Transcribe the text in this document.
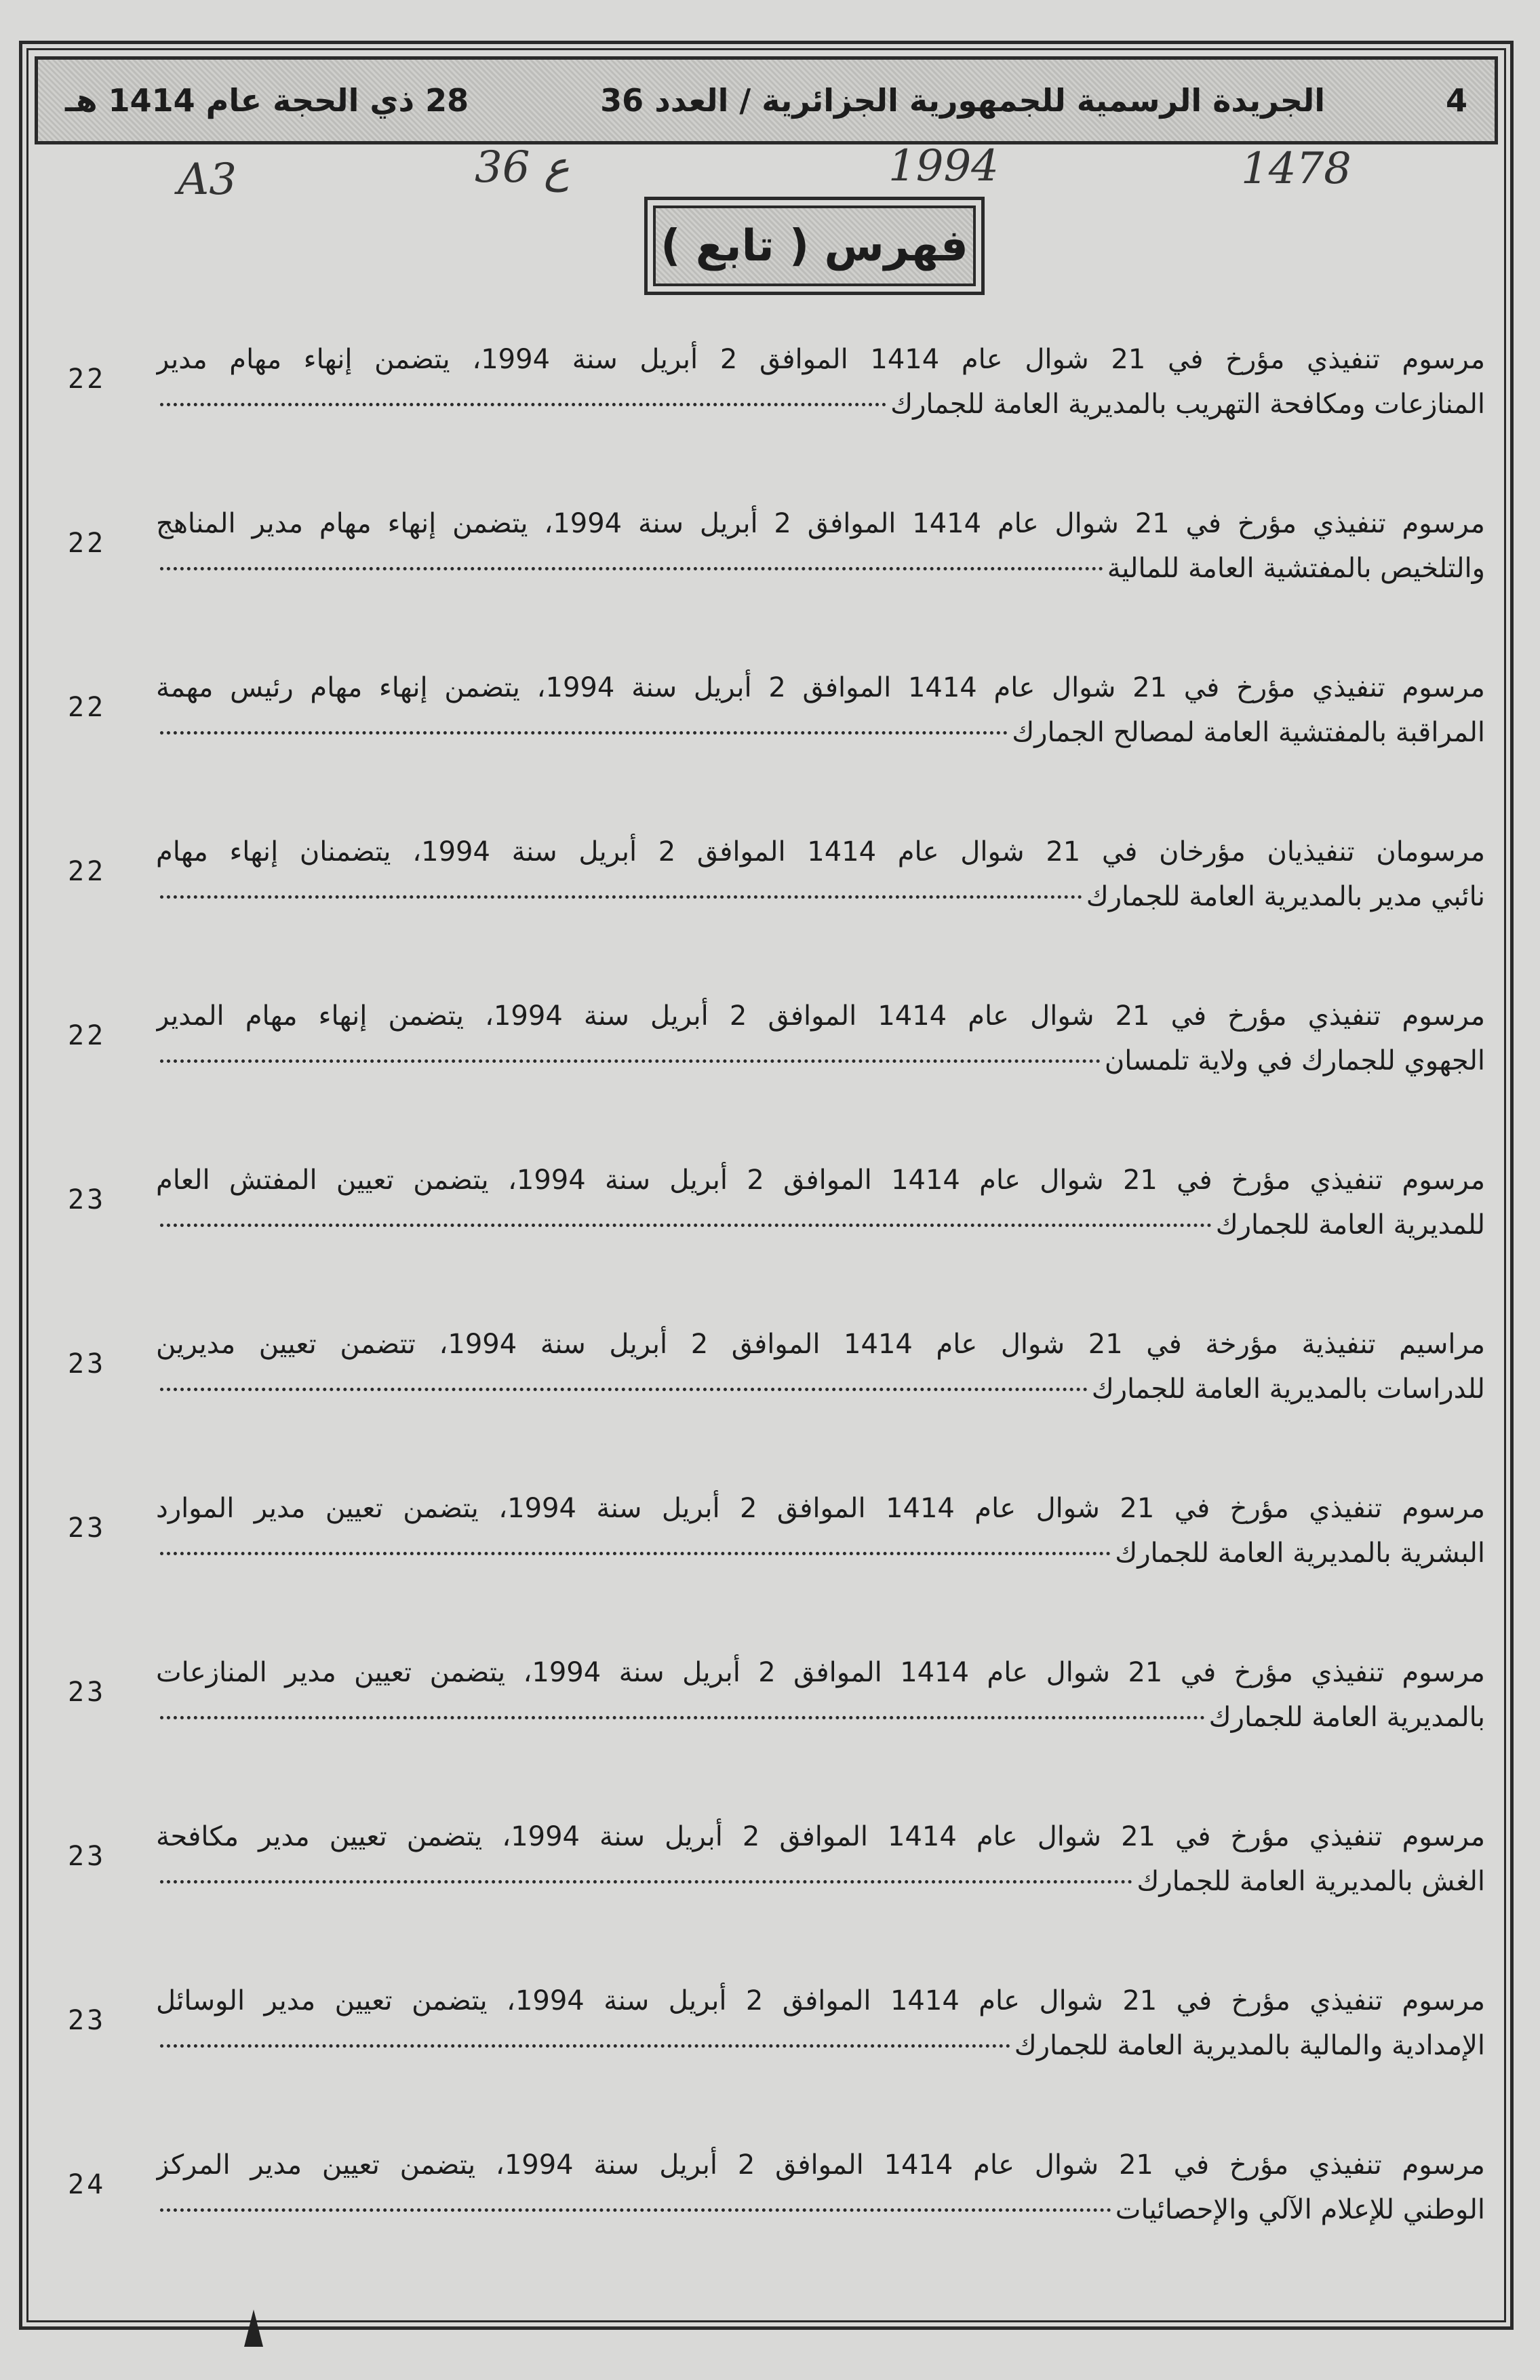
4
الجريدة الرسمية للجمهورية الجزائرية / العدد 36
28 ذي الحجة عام 1414 هـ
A3	36 ع	1994	1478
فهرس ( تابع )
مرسوم تنفيذي مؤرخ في 21 شوال عام 1414 الموافق 2 أبريل سنة 1994، يتضمن إنهاء مهام مدير
المنازعات ومكافحة التهريب بالمديرية العامة للجمارك
22
مرسوم تنفيذي مؤرخ في 21 شوال عام 1414 الموافق 2 أبريل سنة 1994، يتضمن إنهاء مهام مدير المناهج
والتلخيص بالمفتشية العامة للمالية
22
مرسوم تنفيذي مؤرخ في 21 شوال عام 1414 الموافق 2 أبريل سنة 1994، يتضمن إنهاء مهام رئيس مهمة
المراقبة بالمفتشية العامة لمصالح الجمارك
22
مرسومان تنفيذيان مؤرخان في 21 شوال عام 1414 الموافق 2 أبريل سنة 1994، يتضمنان إنهاء مهام
نائبي مدير بالمديرية العامة للجمارك
22
مرسوم تنفيذي مؤرخ في 21 شوال عام 1414 الموافق 2 أبريل سنة 1994، يتضمن إنهاء مهام المدير
الجهوي للجمارك في ولاية تلمسان
22
مرسوم تنفيذي مؤرخ في 21 شوال عام 1414 الموافق 2 أبريل سنة 1994، يتضمن تعيين المفتش العام
للمديرية العامة للجمارك
23
مراسيم تنفيذية مؤرخة في 21 شوال عام 1414 الموافق 2 أبريل سنة 1994، تتضمن تعيين مديرين
للدراسات بالمديرية العامة للجمارك
23
مرسوم تنفيذي مؤرخ في 21 شوال عام 1414 الموافق 2 أبريل سنة 1994، يتضمن تعيين مدير الموارد
البشرية بالمديرية العامة للجمارك
23
مرسوم تنفيذي مؤرخ في 21 شوال عام 1414 الموافق 2 أبريل سنة 1994، يتضمن تعيين مدير المنازعات
بالمديرية العامة للجمارك
23
مرسوم تنفيذي مؤرخ في 21 شوال عام 1414 الموافق 2 أبريل سنة 1994، يتضمن تعيين مدير مكافحة
الغش بالمديرية العامة للجمارك
23
مرسوم تنفيذي مؤرخ في 21 شوال عام 1414 الموافق 2 أبريل سنة 1994، يتضمن تعيين مدير الوسائل
الإمدادية والمالية بالمديرية العامة للجمارك
23
مرسوم تنفيذي مؤرخ في 21 شوال عام 1414 الموافق 2 أبريل سنة 1994، يتضمن تعيين مدير المركز
الوطني للإعلام الآلي والإحصائيات
24
